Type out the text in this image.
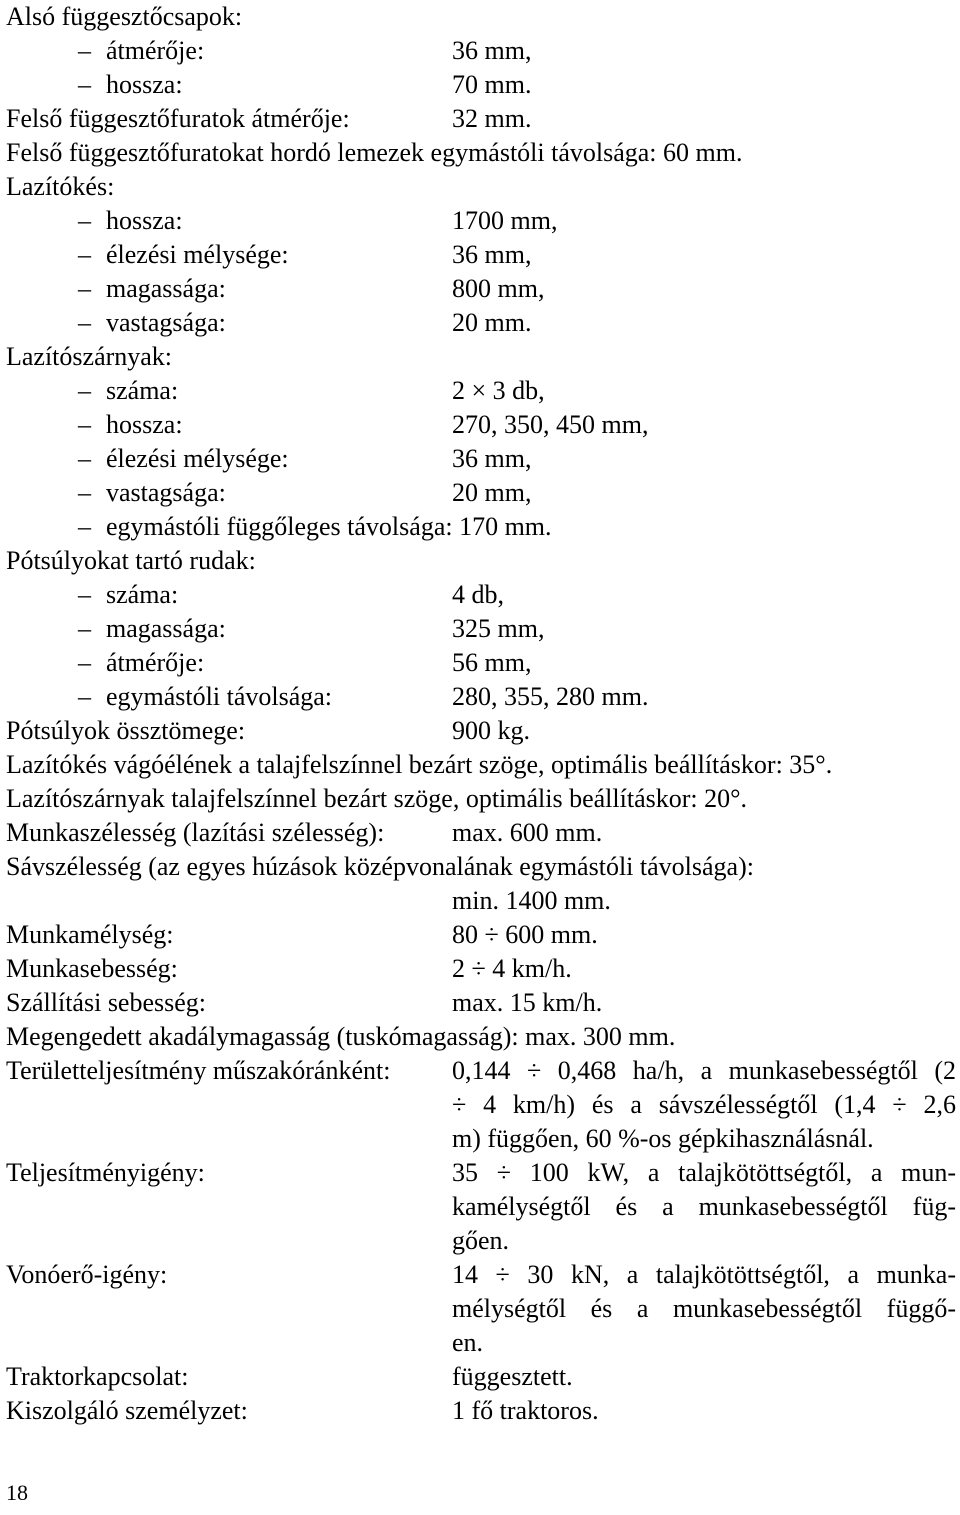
Alsó függesztőcsapok:
– átmérője:	36 mm,
– hossza:	70 mm.
Felső függesztőfuratok átmérője:	32 mm.
Felső függesztőfuratokat hordó lemezek egymástóli távolsága: 60 mm.
Lazítókés:
– hossza:	1700 mm,
– élezési mélysége:	36 mm,
– magassága:	800 mm,
– vastagsága:	20 mm.
Lazítószárnyak:
– száma:	2 × 3 db,
– hossza:	270, 350, 450 mm,
– élezési mélysége:	36 mm,
– vastagsága:	20 mm,
– egymástóli függőleges távolsága: 170 mm.
Pótsúlyokat tartó rudak:
– száma:	4 db,
– magassága:	325 mm,
– átmérője:	56 mm,
– egymástóli távolsága:	280, 355, 280 mm.
Pótsúlyok össztömege:	900 kg.
Lazítókés vágóélének a talajfelszínnel bezárt szöge, optimális beállításkor: 35°.
Lazítószárnyak talajfelszínnel bezárt szöge, optimális beállításkor: 20°.
Munkaszélesség (lazítási szélesség):	max. 600 mm.
Sávszélesség (az egyes húzások középvonalának egymástóli távolsága):
min. 1400 mm.
Munkamélység:	80 ÷ 600 mm.
Munkasebesség:	2 ÷ 4 km/h.
Szállítási sebesség:	max. 15 km/h.
Megengedett akadálymagasság (tuskómagasság): max. 300 mm.
Területteljesítmény műszakóránként: 0,144 ÷ 0,468 ha/h, a munkasebességtől (2
÷ 4 km/h) és a sávszélességtől (1,4 ÷ 2,6
m) függően, 60 %-os gépkihasználásnál.
Teljesítményigény:	35 ÷ 100 kW, a talajkötöttségtől, a mun-
kamélységtől és a munkasebességtől füg-
gően.
Vonóerő-igény:	14 ÷ 30 kN, a talajkötöttségtől, a munka-
mélységtől és a munkasebességtől függő-
en.
Traktorkapcsolat:	függesztett.
Kiszolgáló személyzet:	1 fő traktoros.
18
